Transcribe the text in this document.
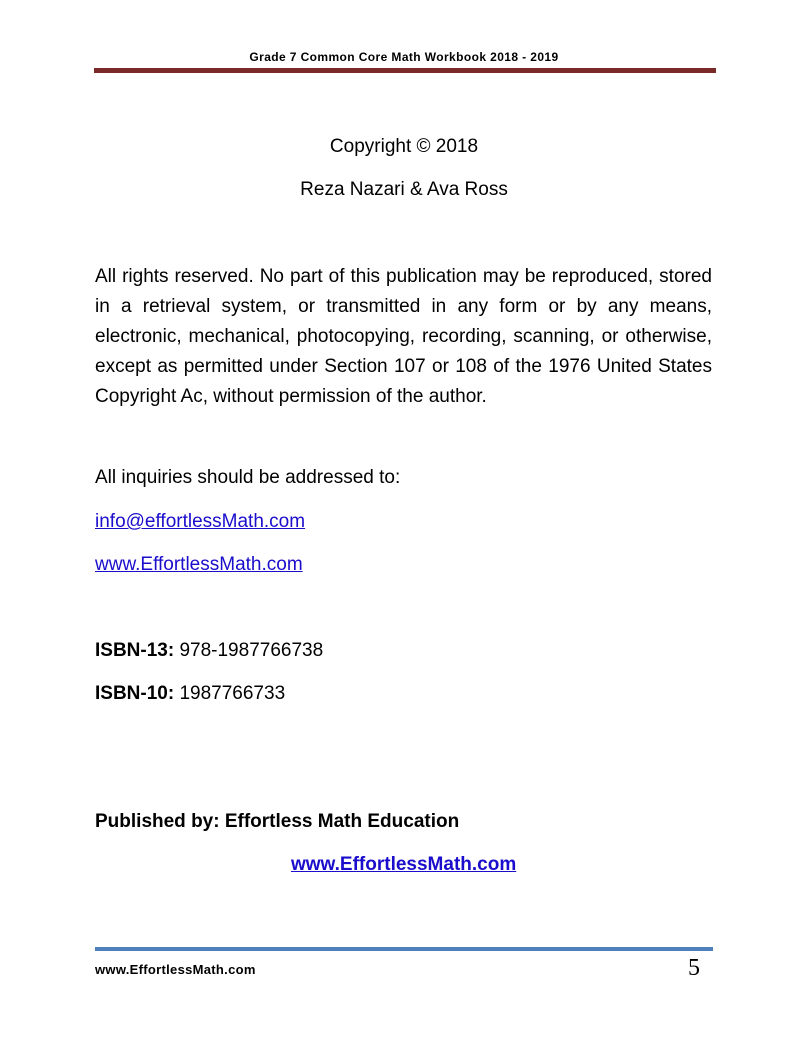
Grade 7 Common Core Math Workbook 2018 - 2019
Copyright © 2018
Reza Nazari & Ava Ross

All rights reserved. No part of this publication may be reproduced, stored in a retrieval system, or transmitted in any form or by any means, electronic, mechanical, photocopying, recording, scanning, or otherwise, except as permitted under Section 107 or 108 of the 1976 United States Copyright Ac, without permission of the author.

All inquiries should be addressed to:
info@effortlessMath.com
www.EffortlessMath.com
ISBN-13: 978-1987766738
ISBN-10: 1987766733
Published by: Effortless Math Education
www.EffortlessMath.com
www.EffortlessMath.com	5
